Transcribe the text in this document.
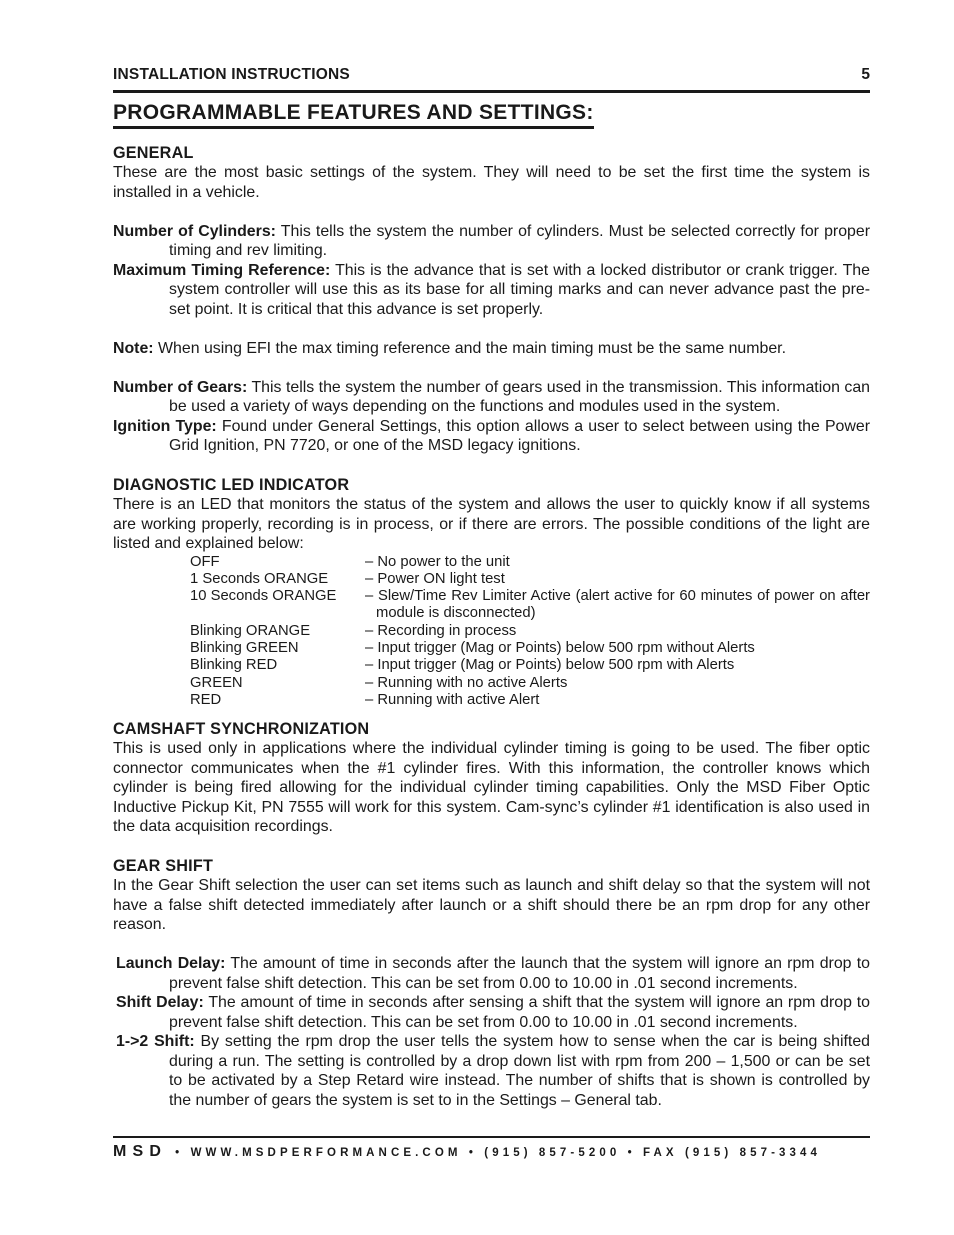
INSTALLATION INSTRUCTIONS	5
PROGRAMMABLE FEATURES AND SETTINGS:
GENERAL

These are the most basic settings of the system. They will need to be set the first time the system is installed in a vehicle.

Number of Cylinders: This tells the system the number of cylinders. Must be selected correctly for proper timing and rev limiting.

Maximum Timing Reference: This is the advance that is set with a locked distributor or crank trigger. The system controller will use this as its base for all timing marks and can never advance past the pre-set point. It is critical that this advance is set properly.

Note: When using EFI the max timing reference and the main timing must be the same number.

Number of Gears: This tells the system the number of gears used in the transmission. This information can be used a variety of ways depending on the functions and modules used in the system.

Ignition Type: Found under General Settings, this option allows a user to select between using the Power Grid Ignition, PN 7720, or one of the MSD legacy ignitions.

DIAGNOSTIC LED INDICATOR

There is an LED that monitors the status of the system and allows the user to quickly know if all systems are working properly, recording is in process, or if there are errors. The possible conditions of the light are listed and explained below:

OFF	– No power to the unit
1 Seconds ORANGE	– Power ON light test
10 Seconds ORANGE	– Slew/Time Rev Limiter Active (alert active for 60 minutes of power on after module is disconnected)
Blinking ORANGE	– Recording in process
Blinking GREEN	– Input trigger (Mag or Points) below 500 rpm without Alerts
Blinking RED	– Input trigger (Mag or Points) below 500 rpm with Alerts
GREEN	– Running with no active Alerts
RED	– Running with active Alert
CAMSHAFT SYNCHRONIZATION

This is used only in applications where the individual cylinder timing is going to be used. The fiber optic connector communicates when the #1 cylinder fires. With this information, the controller knows which cylinder is being fired allowing for the individual cylinder timing capabilities. Only the MSD Fiber Optic Inductive Pickup Kit, PN 7555 will work for this system. Cam-sync’s cylinder #1 identification is also used in the data acquisition recordings.

GEAR SHIFT

In the Gear Shift selection the user can set items such as launch and shift delay so that the system will not have a false shift detected immediately after launch or a shift should there be an rpm drop for any other reason.

Launch Delay: The amount of time in seconds after the launch that the system will ignore an rpm drop to prevent false shift detection. This can be set from 0.00 to 10.00 in .01 second increments.

Shift Delay: The amount of time in seconds after sensing a shift that the system will ignore an rpm drop to prevent false shift detection. This can be set from 0.00 to 10.00 in .01 second increments.

1->2 Shift: By setting the rpm drop the user tells the system how to sense when the car is being shifted during a run. The setting is controlled by a drop down list with rpm from 200 – 1,500 or can be set to be activated by a Step Retard wire instead. The number of shifts that is shown is controlled by the number of gears the system is set to in the Settings – General tab.

MSD • WWW.MSDPERFORMANCE.COM • (915) 857-5200 • FAX (915) 857-3344
